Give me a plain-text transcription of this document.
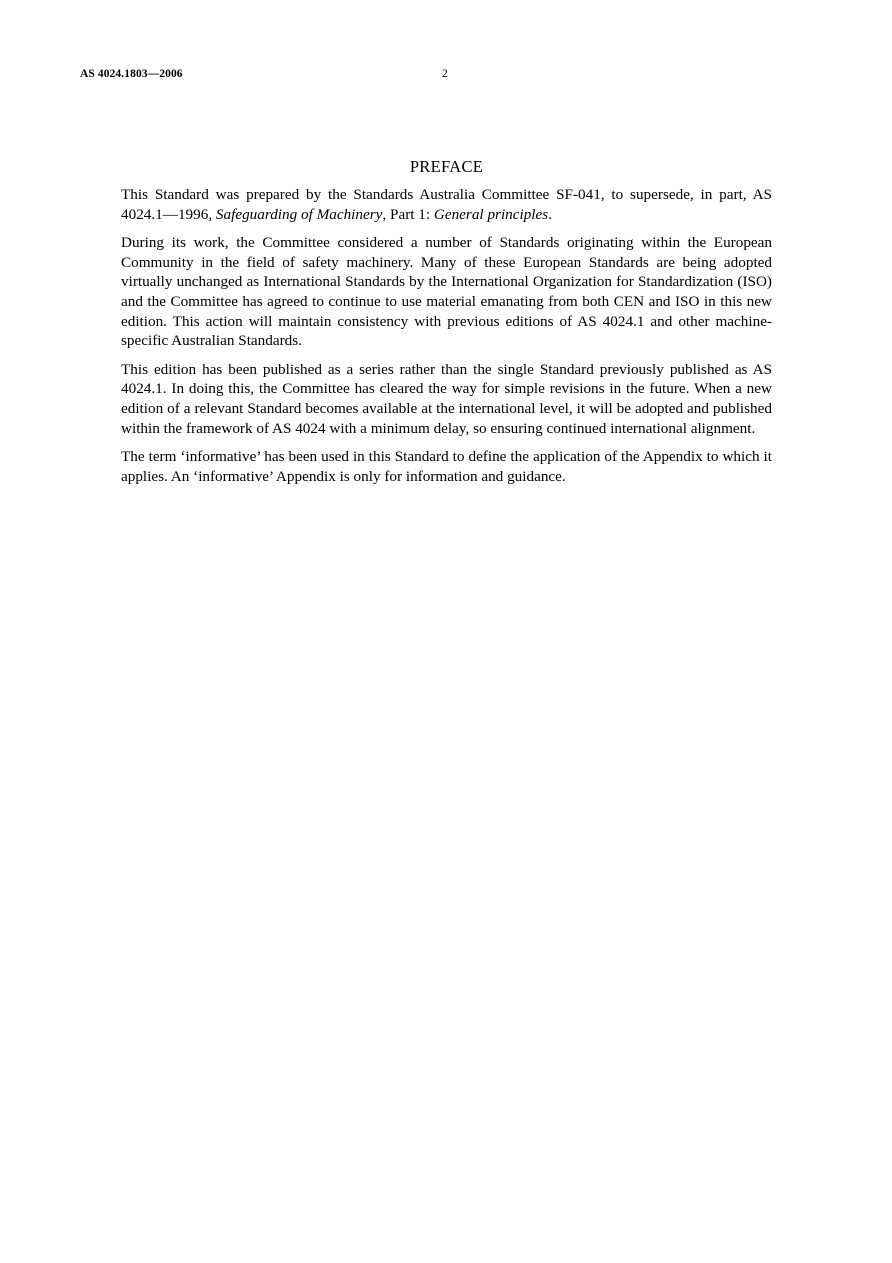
AS 4024.1803—2006	2
PREFACE

This Standard was prepared by the Standards Australia Committee SF-041, to supersede, in part, AS 4024.1—1996, Safeguarding of Machinery, Part 1: General principles.

During its work, the Committee considered a number of Standards originating within the European Community in the field of safety machinery. Many of these European Standards are being adopted virtually unchanged as International Standards by the International Organization for Standardization (ISO) and the Committee has agreed to continue to use material emanating from both CEN and ISO in this new edition. This action will maintain consistency with previous editions of AS 4024.1 and other machine-specific Australian Standards.

This edition has been published as a series rather than the single Standard previously published as AS 4024.1. In doing this, the Committee has cleared the way for simple revisions in the future. When a new edition of a relevant Standard becomes available at the international level, it will be adopted and published within the framework of AS 4024 with a minimum delay, so ensuring continued international alignment.

The term ‘informative’ has been used in this Standard to define the application of the Appendix to which it applies. An ‘informative’ Appendix is only for information and guidance.
